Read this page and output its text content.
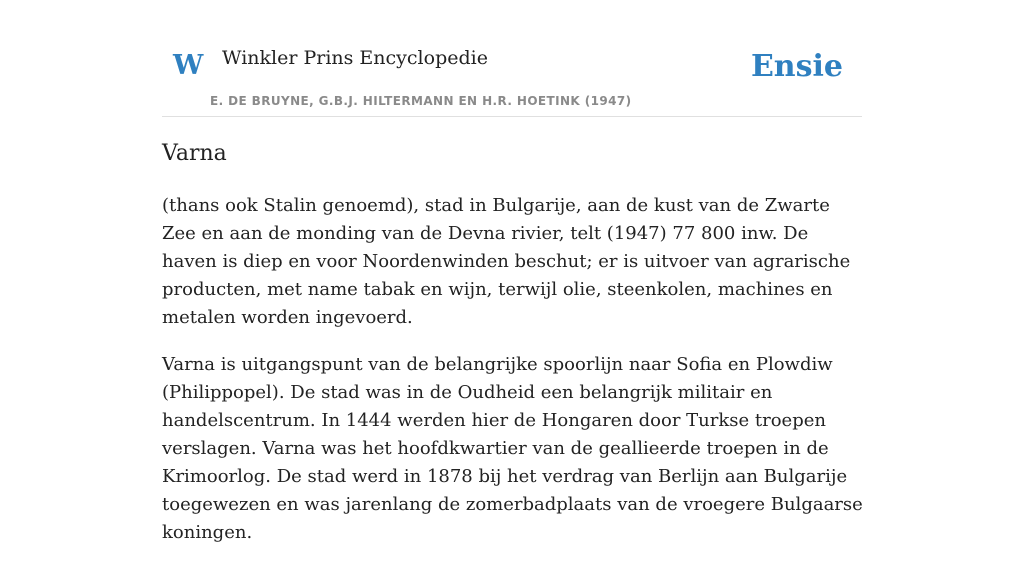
W Winkler Prins Encyclopedie
E. DE BRUYNE, G.B.J. HILTERMANN EN H.R. HOETINK (1947)
Ensie
Varna

(thans ook Stalin genoemd), stad in Bulgarije, aan de kust van de Zwarte Zee en aan de monding van de Devna rivier, telt (1947) 77 800 inw. De haven is diep en voor Noordenwinden beschut; er is uitvoer van agrarische producten, met name tabak en wijn, terwijl olie, steenkolen, machines en metalen worden ingevoerd.

Varna is uitgangspunt van de belangrijke spoorlijn naar Sofia en Plowdiw (Philippopel). De stad was in de Oudheid een belangrijk militair en handelscentrum. In 1444 werden hier de Hongaren door Turkse troepen verslagen. Varna was het hoofdkwartier van de geallieerde troepen in de Krimoorlog. De stad werd in 1878 bij het verdrag van Berlijn aan Bulgarije toegewezen en was jarenlang de zomerbadplaats van de vroegere Bulgaarse koningen.
